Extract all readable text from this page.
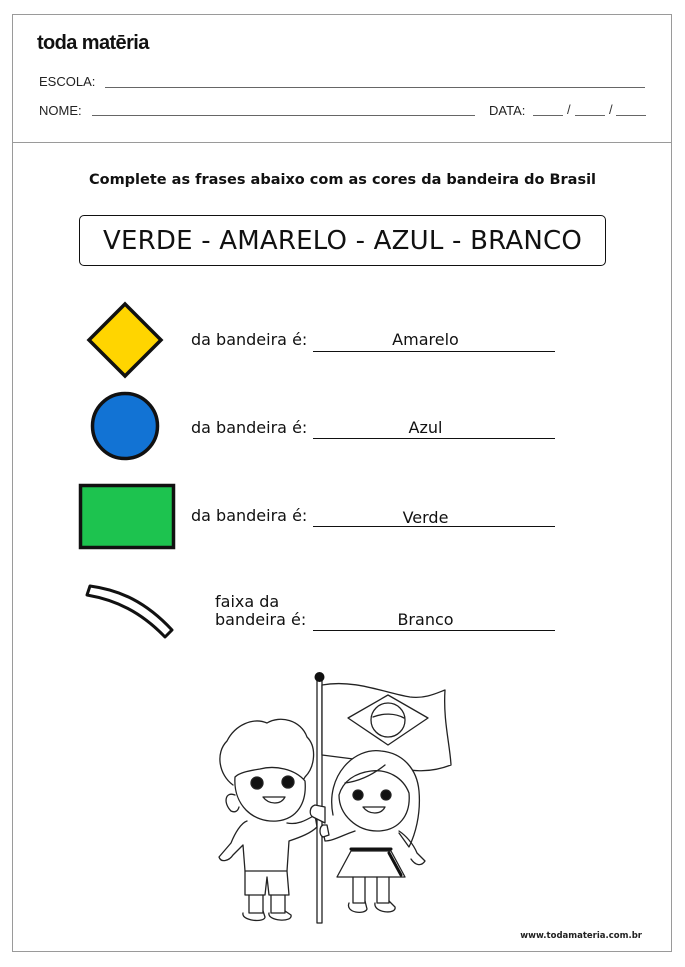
toda matēria
ESCOLA:
NOME:	DATA:	/	/
Complete as frases abaixo com as cores da bandeira do Brasil
VERDE - AMARELO - AZUL - BRANCO
da bandeira é:	Amarelo
da bandeira é:	Azul
da bandeira é:	Verde
faixa da
bandeira é:	Branco
www.todamateria.com.br
